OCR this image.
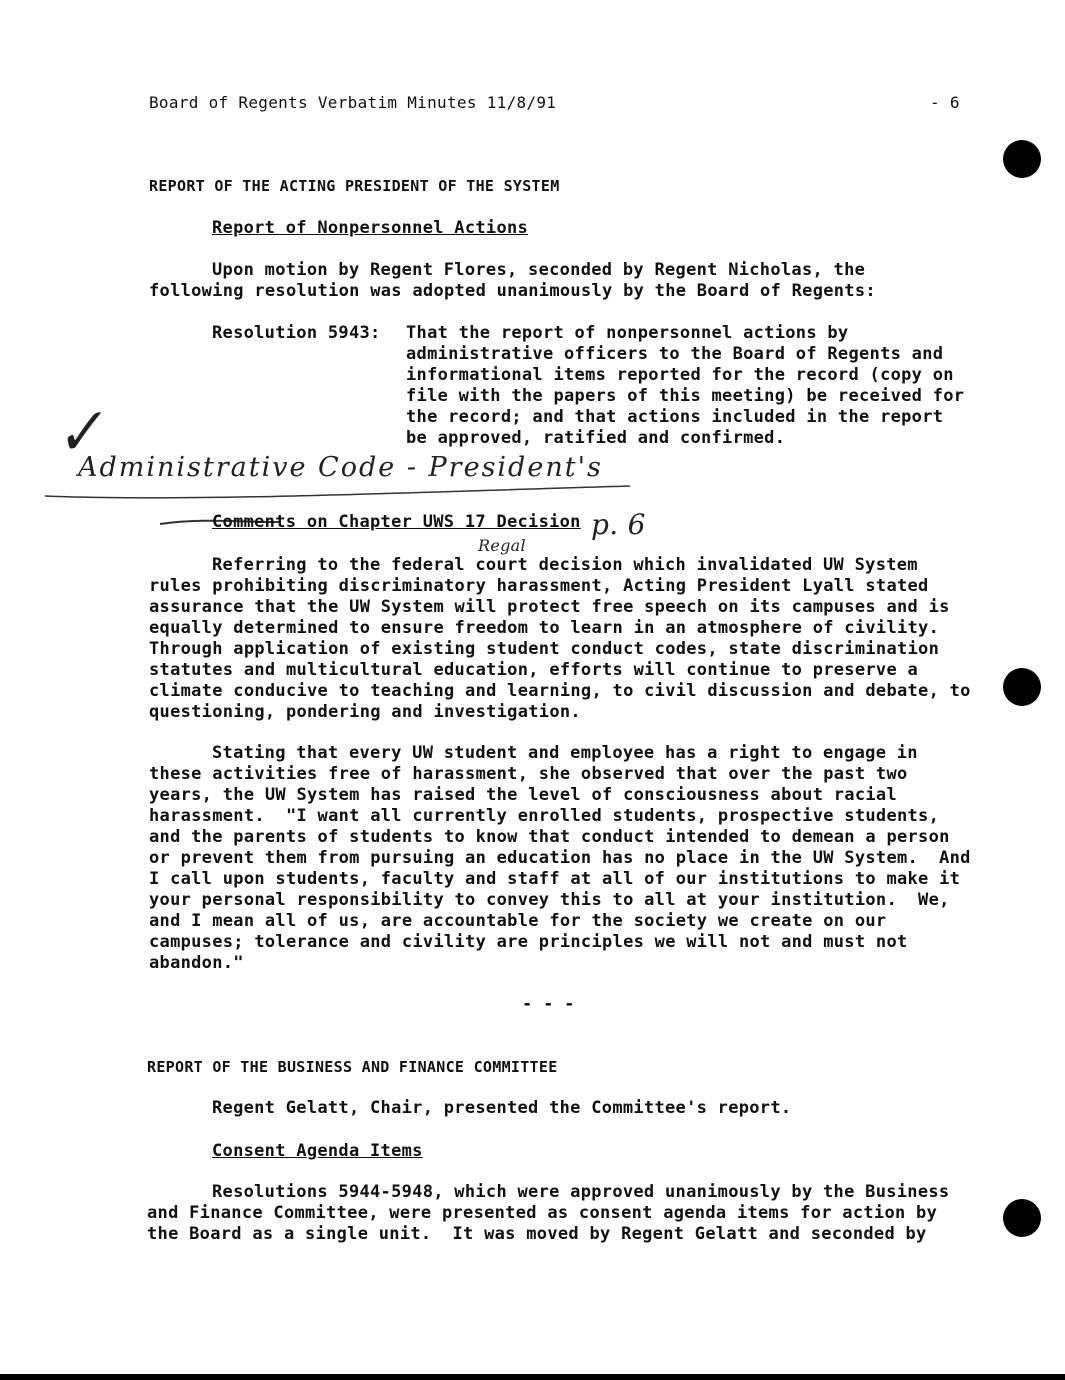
Board of Regents Verbatim Minutes 11/8/91	- 6
REPORT OF THE ACTING PRESIDENT OF THE SYSTEM
Report of Nonpersonnel Actions
Upon motion by Regent Flores, seconded by Regent Nicholas, the
following resolution was adopted unanimously by the Board of Regents:
Resolution 5943: That the report of nonpersonnel actions by
administrative officers to the Board of Regents and
informational items reported for the record (copy on
file with the papers of this meeting) be received for
the record; and that actions included in the report
be approved, ratified and confirmed.
✓
Administrative Code - President's
p. 6
Regal
Comments on Chapter UWS 17 Decision
Referring to the federal court decision which invalidated UW System
rules prohibiting discriminatory harassment, Acting President Lyall stated
assurance that the UW System will protect free speech on its campuses and is
equally determined to ensure freedom to learn in an atmosphere of civility.
Through application of existing student conduct codes, state discrimination
statutes and multicultural education, efforts will continue to preserve a
climate conducive to teaching and learning, to civil discussion and debate, to
questioning, pondering and investigation.
Stating that every UW student and employee has a right to engage in
these activities free of harassment, she observed that over the past two
years, the UW System has raised the level of consciousness about racial
harassment.  "I want all currently enrolled students, prospective students,
and the parents of students to know that conduct intended to demean a person
or prevent them from pursuing an education has no place in the UW System.  And
I call upon students, faculty and staff at all of our institutions to make it
your personal responsibility to convey this to all at your institution.  We,
and I mean all of us, are accountable for the society we create on our
campuses; tolerance and civility are principles we will not and must not
abandon."
- - -
REPORT OF THE BUSINESS AND FINANCE COMMITTEE
Regent Gelatt, Chair, presented the Committee's report.
Consent Agenda Items
Resolutions 5944-5948, which were approved unanimously by the Business
and Finance Committee, were presented as consent agenda items for action by
the Board as a single unit.  It was moved by Regent Gelatt and seconded by
